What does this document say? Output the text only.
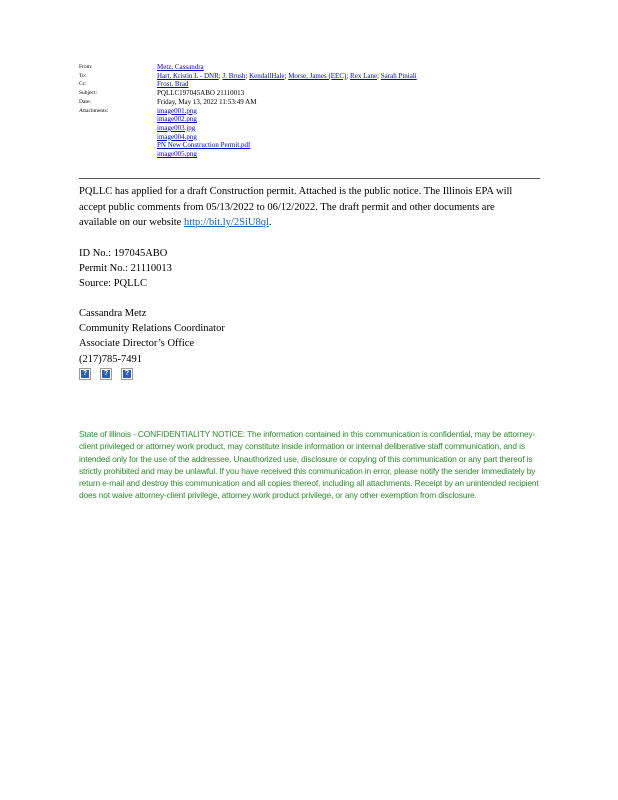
From:	Metz, Cassandra
To:	Hart, Kristin L - DNR; J. Brush; KendallHale; Morse, James (EEC); Rex Lane; Sarah Piniali
Cc:	Frost, Brad
Subject:	PQLLC197045ABO 21110013
Date:	Friday, May 13, 2022 11:53:49 AM
Attachments:	image001.png
image002.png
image003.jpg
image004.png
PN New Construction Permit.pdf
image005.png
PQLLC has applied for a draft Construction permit. Attached is the public notice. The Illinois EPA will accept public comments from 05/13/2022 to 06/12/2022. The draft permit and other documents are available on our website http://bit.ly/2SiU8ql.
ID No.: 197045ABO
Permit No.: 21110013
Source: PQLLC
Cassandra Metz
Community Relations Coordinator
Associate Director’s Office
(217)785-7491
? ? ?
State of Illinois - CONFIDENTIALITY NOTICE: The information contained in this communication is confidential, may be attorney-client privileged or attorney work product, may constitute inside information or internal deliberative staff communication, and is intended only for the use of the addressee. Unauthorized use, disclosure or copying of this communication or any part thereof is strictly prohibited and may be unlawful. If you have received this communication in error, please notify the sender immediately by return e-mail and destroy this communication and all copies thereof, including all attachments. Receipt by an unintended recipient does not waive attorney-client privilege, attorney work product privilege, or any other exemption from disclosure.
